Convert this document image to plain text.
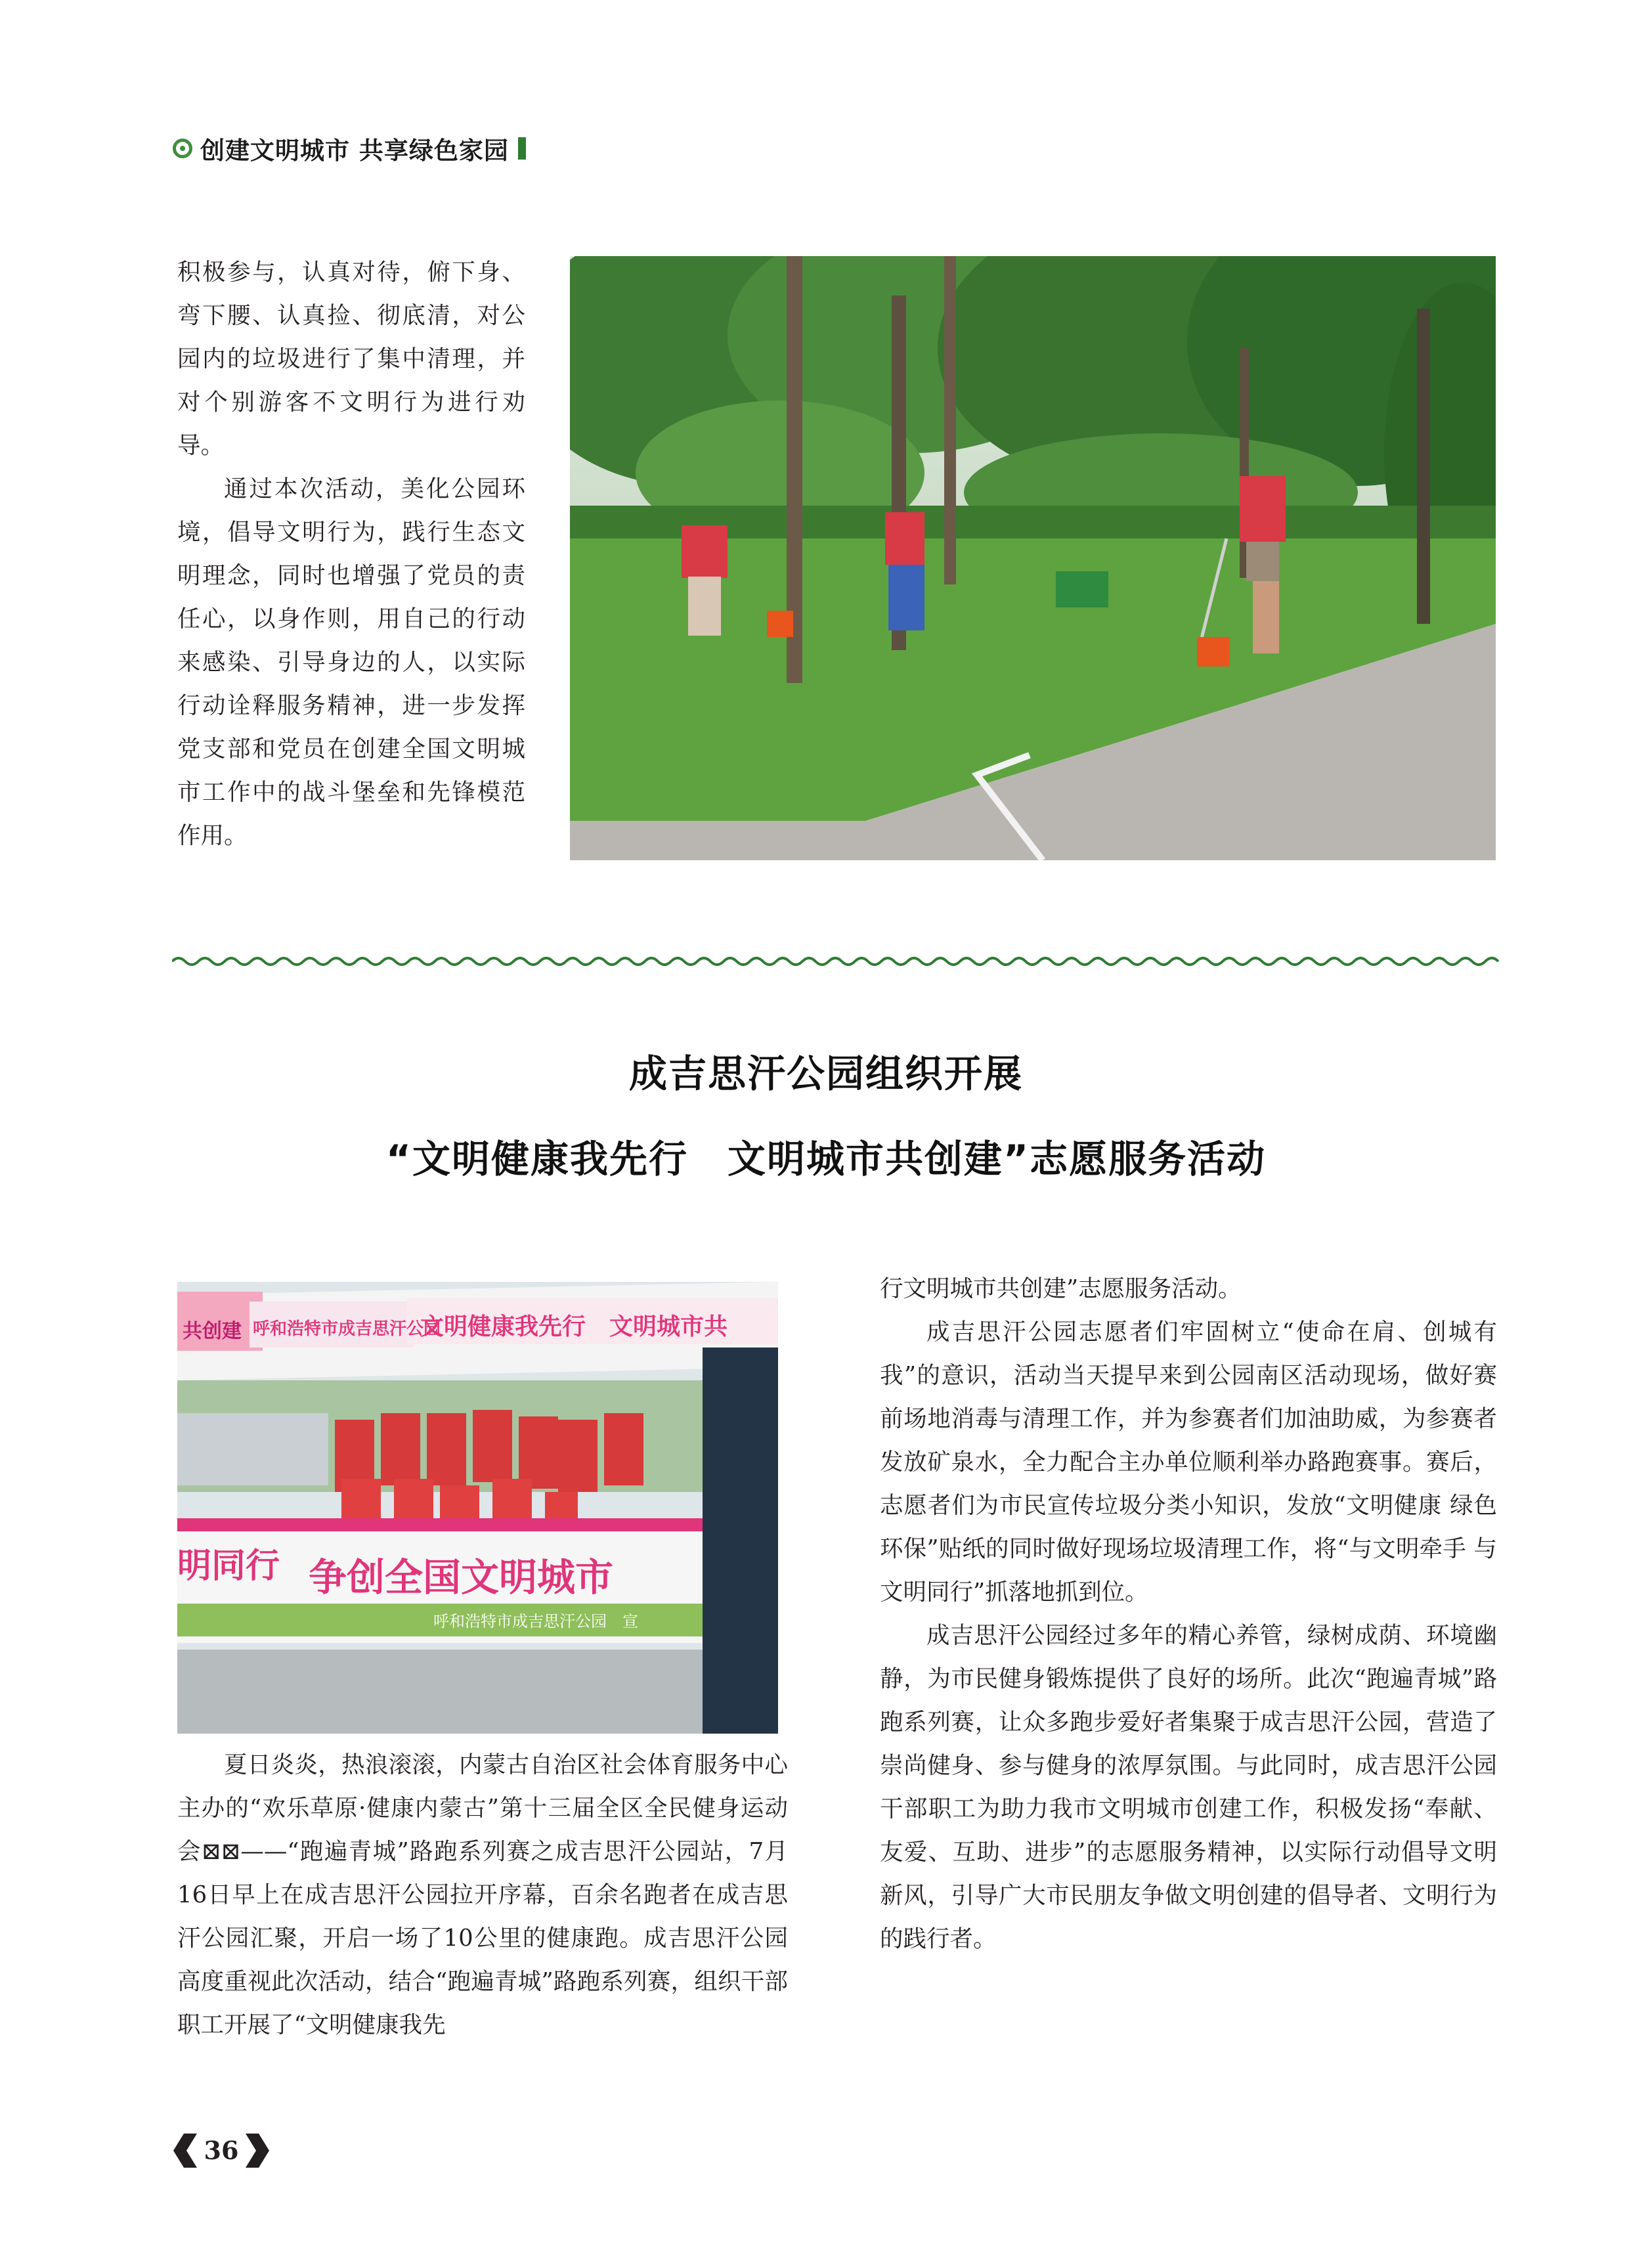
创建文明城市 共享绿色家园

积极参与，认真对待，俯下身、弯下腰、认真捡、彻底清，对公园内的垃圾进行了集中清理，并对个别游客不文明行为进行劝导。

通过本次活动，美化公园环境，倡导文明行为，践行生态文明理念，同时也增强了党员的责任心，以身作则，用自己的行动来感染、引导身边的人，以实际行动诠释服务精神，进一步发挥党支部和党员在创建全国文明城市工作中的战斗堡垒和先锋模范作用。

成吉思汗公园组织开展
“文明健康我先行　文明城市共创建”志愿服务活动
共创建 呼和浩特市成吉思汗公园
文明健康我先行　文明城市共
明同行 争创全国文明城市
呼和浩特市成吉思汗公园　宣

夏日炎炎，热浪滚滚，内蒙古自治区社会体育服务中心主办的“欢乐草原·健康内蒙古”第十三届全区全民健身运动会⊠⊠——“跑遍青城”路跑系列赛之成吉思汗公园站，7月16日早上在成吉思汗公园拉开序幕，百余名跑者在成吉思汗公园汇聚，开启一场了10公里的健康跑。成吉思汗公园高度重视此次活动，结合“跑遍青城”路跑系列赛，组织干部职工开展了“文明健康我先

行文明城市共创建”志愿服务活动。

成吉思汗公园志愿者们牢固树立“使命在肩、创城有我”的意识，活动当天提早来到公园南区活动现场，做好赛前场地消毒与清理工作，并为参赛者们加油助威，为参赛者发放矿泉水，全力配合主办单位顺利举办路跑赛事。赛后，志愿者们为市民宣传垃圾分类小知识，发放“文明健康 绿色环保”贴纸的同时做好现场垃圾清理工作，将“与文明牵手 与文明同行”抓落地抓到位。

成吉思汗公园经过多年的精心养管，绿树成荫、环境幽静，为市民健身锻炼提供了良好的场所。此次“跑遍青城”路跑系列赛，让众多跑步爱好者集聚于成吉思汗公园，营造了崇尚健身、参与健身的浓厚氛围。与此同时，成吉思汗公园干部职工为助力我市文明城市创建工作，积极发扬“奉献、友爱、互助、进步”的志愿服务精神，以实际行动倡导文明新风，引导广大市民朋友争做文明创建的倡导者、文明行为的践行者。

36
